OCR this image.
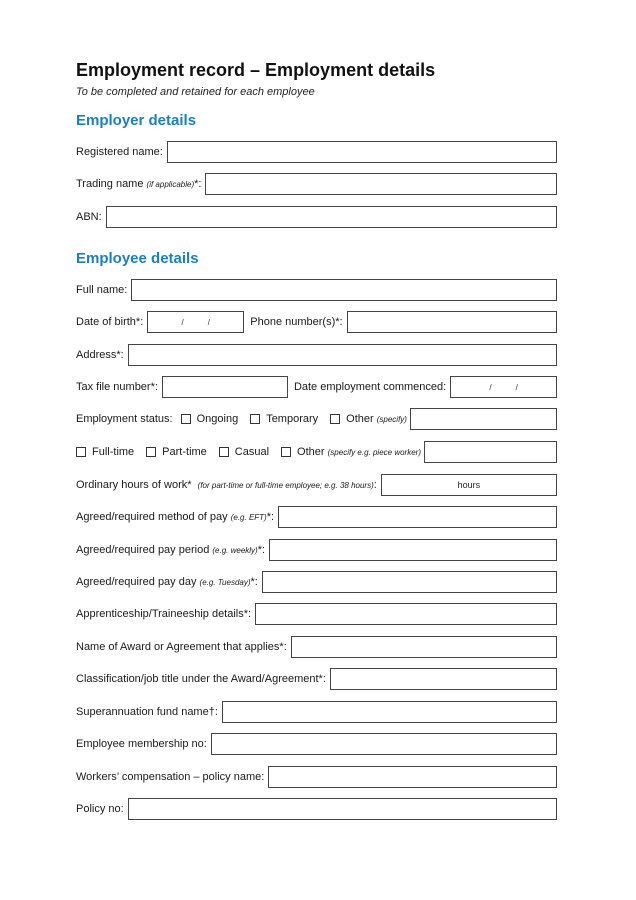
Employment record – Employment details
To be completed and retained for each employee
Employer details
Registered name:
Trading name (if applicable)*:
ABN:
Employee details
Full name:
Date of birth*:	/	/	Phone number(s)*:
Address*:
Tax file number*:	Date employment commenced:	/	/
Employment status: Ongoing	Temporary	Other
(specify)
Full-time	Part-time	Casual	Other
(specify e.g. piece worker)
Ordinary hours of work* (for part-time or full-time employee; e.g. 38 hours):	hours
Agreed/required method of pay (e.g. EFT)*:
Agreed/required pay period (e.g. weekly)*:
Agreed/required pay day (e.g. Tuesday)*:
Apprenticeship/Traineeship details*:
Name of Award or Agreement that applies*:
Classification/job title under the Award/Agreement*:
Superannuation fund name†:
Employee membership no:
Workers’ compensation – policy name:
Policy no:
